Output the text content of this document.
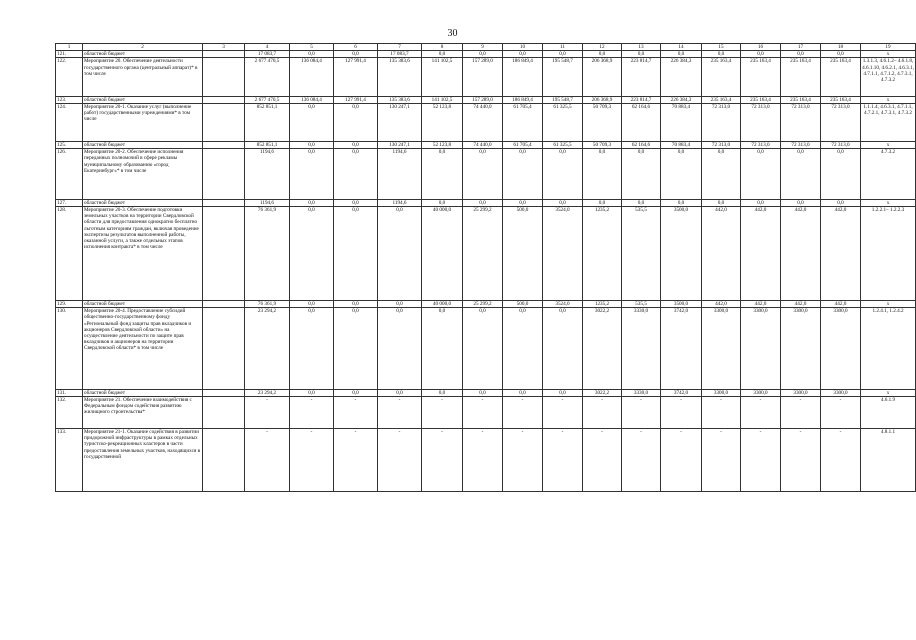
30
1	2	3	4	5	6	7	8	9	10	11	12	13	14	15	16	17	18	19
121.	областной бюджет		17 083,7	0,0	0,0	17 083,7	0,0	0,0	0,0	0,0	0,0	0,0	0,0	0,0	0,0	0,0	0,0	х
122.	Мероприятие 20. Обеспечение деятельности государственного органа (центральный аппарат)* в том числе		2 677 470,5	136 084,4	127 991,4	135 383,6	141 102,5	157 289,0	186 849,4	195 548,7	206 368,9	223 814,7	226 384,3	235 163,4	235 163,4	235 163,4	235 163,4	1.3.1.3, 4.6.1.2– 4.6.1.8, 4.6.1.10, 4.6.2.1, 4.6.3.1, 4.7.1.1, 4.7.1.2, 4.7.3.1, 4.7.3.2
123.	областной бюджет		2 677 470,5	136 084,4	127 991,4	135 383,6	141 102,5	157 289,0	186 849,4	195 548,7	206 368,9	223 814,7	226 384,3	235 163,4	235 163,4	235 163,4	235 163,4	х
124.	Мероприятие 20-1. Оказание услуг (выполнение работ) государственными учреждениями* в том числе		852 851,1	0,0	0,0	130 247,1	52 123,8	74 440,0	61 705,4	61 325,5	50 709,3	62 164,6	70 883,4	72 313,0	72 313,0	72 313,0	72 313,0	1.1.1.4, 4.6.3.1, 4.7.1.1, 4.7.2.1, 4.7.3.1, 4.7.3.2
125.	областной бюджет		852 851,1	0,0	0,0	130 247,1	52 123,8	74 440,0	61 705,4	61 325,5	50 709,3	62 164,6	70 883,4	72 313,0	72 313,0	72 313,0	72 313,0	х
126.	Мероприятие 20-2. Обеспечение исполнения переданных полномочий в сфере рекламы муниципальному образованию «город Екатеринбург»* в том числе		1194,6	0,0	0,0	1194,6	0,0	0,0	0,0	0,0	0,0	0,0	0,0	0,0	0,0	0,0	0,0	4.7.3.2
127.	областной бюджет		1194,6	0,0	0,0	1194,6	0,0	0,0	0,0	0,0	0,0	0,0	0,0	0,0	0,0	0,0	0,0	х
128.	Мероприятие 20-3. Обеспечение подготовки земельных участков на территории Свердловской области для предоставления однократно бесплатно льготным категориям граждан, включая проведение экспертизы результатов выполненной работы, оказанной услуги, а также отдельных этапов исполнения контракта* в том числе		76 361,9	0,0	0,0	0,0	40 000,0	25 299,2	500,0	3524,0	1235,2	535,5	3500,0	442,0	442,0	442,0	442,0	1.2.2.1– 1.2.2.3
129.	областной бюджет		76 361,9	0,0	0,0	0,0	40 000,0	25 299,2	500,0	3524,0	1235,2	535,5	3500,0	442,0	442,0	442,0	442,0	х
130.	Мероприятие 20-4. Предоставление субсидий общественно-государственному фонду «Региональный фонд защиты прав вкладчиков и акционеров Свердловской области» на осуществление деятельности по защите прав вкладчиков и акционеров на территории Свердловской области* в том числе		23 294,2	0,0	0,0	0,0	0,0	0,0	0,0	0,0	3022,2	3330,0	3742,0	3300,0	3300,0	3300,0	3300,0	1.2.4.1, 1.2.4.2
131.	областной бюджет		23 294,2	0,0	0,0	0,0	0,0	0,0	0,0	0,0	3022,2	3330,0	3742,0	3300,0	3300,0	3300,0	3300,0	х
132.	Мероприятие 21. Обеспечение взаимодействия с Федеральным фондом содействия развитию жилищного строительства*		-	-	-	-	-	-	-	-	-	-	-	-	-	-	-	4.6.1.9
133.	Мероприятие 21-1. Оказание содействия в развитии придорожной инфраструктуры в рамках отдельных туристско-рекреационных кластеров в части предоставления земельных участков, находящихся в государственной		-	-	-	-	-	-	-	-	-	-	-	-	-	-	-	4.8.1.1
